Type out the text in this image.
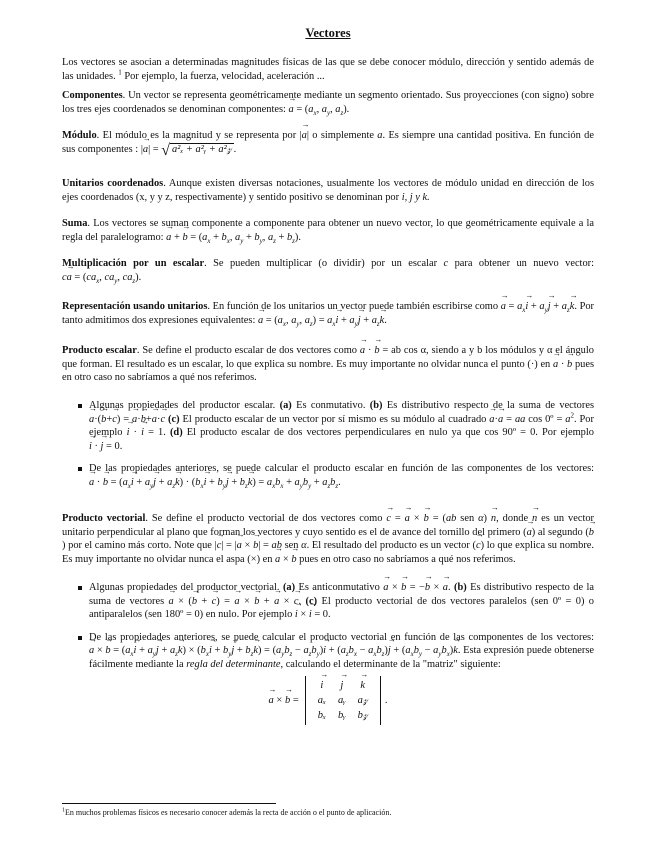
Vectores

Los vectores se asocian a determinadas magnitudes físicas de las que se debe conocer módulo, dirección y sentido además de las unidades. $^1$ Por ejemplo, la fuerza, velocidad, aceleración ...

Componentes. Un vector se representa geométricamente mediante un segmento orientado. Sus proyecciones (con signo) sobre los tres ejes coordenados se denominan componentes: → $a = (a_x$, $a_y$, $a_z$).

Módulo. El módulo es la magnitud y se representa por |→ a| o simplemente a. Es siempre una cantidad positiva. En función de sus componentes : |→ a| = √ a²ₓ + a²ᵧ + a²𝓏 .

Unitarios coordenados. Aunque existen diversas notaciones, usualmente los vectores de módulo unidad en dirección de los ejes coordenados (x, y y z, respectivamente) y sentido positivo se denominan por i, j y k.

Suma. Los vectores se suman componente a componente para obtener un nuevo vector, lo que geométricamente equivale a la regla del paralelogramo: → a + → $b = (a_x + b_x$, $a_y + b_y$, $a_z + b_z$).

Multiplicación por un escalar. Se pueden multiplicar (o dividir) por un escalar c para obtener un nuevo vector: $c\to a = (ca_x$, $ca_y$, $ca_z$).

Representación usando unitarios. En función de los unitarios un vector puede también escribirse como → $a = a_x\to i + a_y\to j + a_z\to k$. Por tanto admitimos dos expresiones equivalentes: → $a = (a_x$, $a_y$, $a_z) = a_x\to i + a_y\to j + a_z\to k$.

Producto escalar. Se define el producto escalar de dos vectores como → a · → b = ab cos α, siendo a y b los módulos y α el ángulo que forman. El resultado es un escalar, lo que explica su nombre. Es muy importante no olvidar nunca el punto (·) en → a · → b pues en otro caso no sabríamos a qué nos referimos.

Algunas propiedades del productor escalar. (a) Es conmutativo. (b) Es distributivo respecto de la suma de vectores → a·(→ b+→ c) = → a·→ b+→ a·→ c (c) El producto escalar de un vector por sí mismo es su módulo al cuadrado → a·→ a = aa cos 0º = $a^2$. Por ejemplo → i · → i = 1. (d) El producto escalar de dos vectores perpendiculares en nulo ya que cos 90º = 0. Por ejemplo → i · → j = 0.
De las propiedades anteriores, se puede calcular el producto escalar en función de las componentes de los vectores: → a · → $b = (a_x\to i + a_y\to j + a_z\to k) \cdot (b_x\to i + b_y\to j + b_z\to k) = a_xb_x + a_yb_y + a_zb_z$.

Producto vectorial. Se define el producto vectorial de dos vectores como → c = → a × → b = (ab sen α) → n, donde → n es un vector unitario perpendicular al plano que forman los vectores y cuyo sentido es el de avance del tornillo del primero (→ a) al segundo (→ b) por el camino más corto. Note que |→ c| = |→ a × → b| = ab sen α. El resultado del producto es un vector (→ c) lo que explica su nombre. Es muy importante no olvidar nunca el aspa (×) en → a × → b pues en otro caso no sabríamos a qué nos referimos.

Algunas propiedades del productor vectorial. (a) Es anticonmutativo → a × → b = −→ b × → a. (b) Es distributivo respecto de la suma de vectores → a × (→ b + → c) = → a × → b + → a × → c. (c) El producto vectorial de dos vectores paralelos (sen 0º = 0) o antiparalelos (sen 180º = 0) en nulo. Por ejemplo → i × → i = 0.
De las propiedades anteriores, se puede calcular el producto vectorial en función de las componentes de los vectores: → a × → $b = (a_x\to i + a_y\to j + a_z\to k) \times (b_x\to i + b_y\to j + b_z\to k) = (a_yb_z - a_zb_y)\to i + (a_zb_x - a_xb_z)\to j + (a_xb_y - a_yb_x)\to k$. Esta expresión puede obtenerse fácilmente mediante la regla del determinante, calculando el determinante de la "matriz" siguiente:
→ a × → b =
→ i	→ j	→ k
aₓ	aᵧ	a𝓏
bₓ	bᵧ	b𝓏
.
$^1$En muchos problemas físicos es necesario conocer además la recta de acción o el punto de aplicación.
